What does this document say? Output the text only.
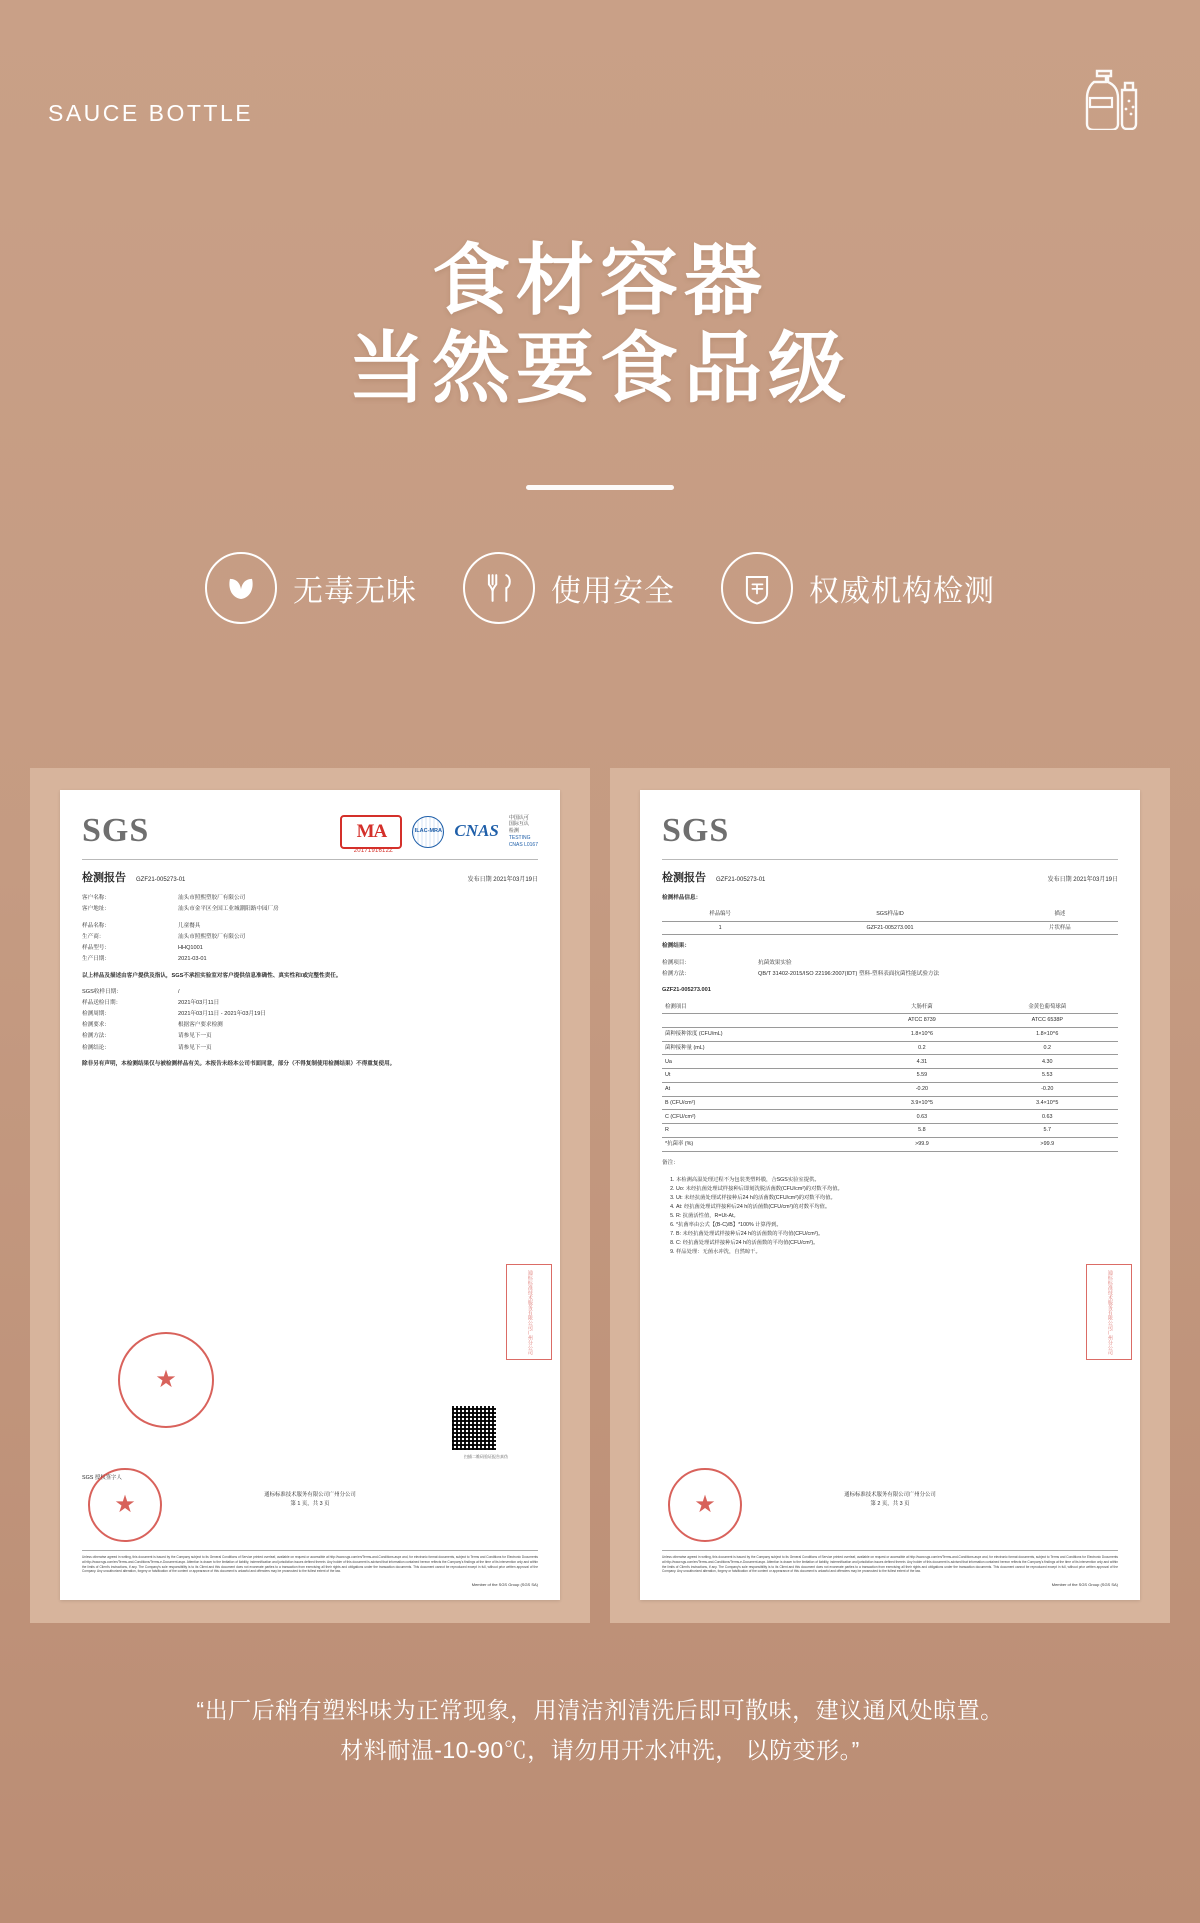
SAUCE BOTTLE
食材容器
当然要食品级
无毒无味	使用安全	权威机构检测
SGS	MA
2017191612Z
ILAC-MRA CNAS
中国认可
国际互认
检测
TESTING
CNAS L0167
检测报告 GZF21-005273-01	发布日期 2021年03月19日
客户名称：	汕头市照熙塑胶厂有限公司
客户地址：	汕头市金平区全国工业城潮阳路中园厂房
样品名称：	儿童餐具
生产商：	汕头市照熙塑胶厂有限公司
样品型号：	HHQ1001
生产日期：	2021-03-01
以上样品及描述由客户提供及指认，SGS不承担实验室对客户提供信息准确性、真实性和/或完整性责任。
SGS收样日期：	/
样品送检日期：	2021年03月11日
检测周期：	2021年03月11日 - 2021年03月19日
检测要求：	根据客户要求检测
检测方法：	请参见下一页
检测结论：	请参见下一页
除非另有声明，本检测结果仅与被检测样品有关。本报告未经本公司书面同意，部分（不得复制使用检测结果）不得重复使用。
通标标准技术服务有限公司广州分公司
★
扫描二维码验证报告真伪
SGS 授权签字人
★	通标标准技术服务有限公司广州分公司
第 1 页，共 3 页
Unless otherwise agreed in writing, this document is issued by the Company subject to its General Conditions of Service printed overleaf, available on request or accessible at http://www.sgs.com/en/Terms-and-Conditions.aspx and, for electronic format documents, subject to Terms and Conditions for Electronic Documents at http://www.sgs.com/en/Terms-and-Conditions/Terms-e-Document.aspx. Attention is drawn to the limitation of liability, indemnification and jurisdiction issues defined therein. Any holder of this document is advised that information contained hereon reflects the Company's findings at the time of its intervention only and within the limits of Client's instructions, if any. The Company's sole responsibility is to its Client and this document does not exonerate parties to a transaction from exercising all their rights and obligations under the transaction documents. This document cannot be reproduced except in full, without prior written approval of the Company. Any unauthorized alteration, forgery or falsification of the content or appearance of this document is unlawful and offenders may be prosecuted to the fullest extent of the law.
Member of the SGS Group (SGS SA)
SGS
检测报告 GZF21-005273-01	发布日期 2021年03月19日
检测样品信息：
样品编号	SGS样品ID	描述
1	GZF21-005273.001	片状样品
检测结果：
检测项目：	抗菌效果实验
检测方法：	QB/T 31402-2015/ISO 22196:2007(IDT) 塑料-塑料表面抗菌性能试验方法
GZF21-005273.001
检测项目	大肠杆菌	金黄色葡萄球菌
	ATCC 8739	ATCC 6538P
菌种接种浓度 (CFU/mL)	1.8×10^6	1.8×10^6
菌种接种量 (mL)	0.2	0.2
Ua	4.31	4.30
Ut	5.59	5.53
At	-0.20	-0.20
B (CFU/cm²)	3.9×10^5	3.4×10^5
C (CFU/cm²)	0.63	0.63
R	5.8	5.7
*抗菌率 (%)	>99.9	>99.9
备注：
1. 本检测高温处理过程不为包装类塑料膜，合SGS实验室提供。
2. Uo: 未经抗菌处理试样接种后即刻洗脱活菌数(CFU/cm²)的对数平均值。
3. Ut: 未经抗菌处理试样接种后24 h的活菌数(CFU/cm²)的对数平均值。
4. At: 经抗菌处理试样接种后24 h的活菌数(CFU/cm²)的对数平均值。
5. R: 抗菌活性值，R=Ut-At。
6. *抗菌率由公式【(B-C)/B】*100% 计算得到。
7. B: 未经抗菌处理试样接种后24 h的活菌数的平均值(CFU/cm²)。
8. C: 经抗菌处理试样接种后24 h的活菌数的平均值(CFU/cm²)。
9. 样品处理：无菌水冲洗，自然晾干。
通标标准技术服务有限公司广州分公司
★	通标标准技术服务有限公司广州分公司
第 2 页，共 3 页
Unless otherwise agreed in writing, this document is issued by the Company subject to its General Conditions of Service printed overleaf, available on request or accessible at http://www.sgs.com/en/Terms-and-Conditions.aspx and, for electronic format documents, subject to Terms and Conditions for Electronic Documents at http://www.sgs.com/en/Terms-and-Conditions/Terms-e-Document.aspx. Attention is drawn to the limitation of liability, indemnification and jurisdiction issues defined therein. Any holder of this document is advised that information contained hereon reflects the Company's findings at the time of its intervention only and within the limits of Client's instructions, if any. The Company's sole responsibility is to its Client and this document does not exonerate parties to a transaction from exercising all their rights and obligations under the transaction documents. This document cannot be reproduced except in full, without prior written approval of the Company. Any unauthorized alteration, forgery or falsification of the content or appearance of this document is unlawful and offenders may be prosecuted to the fullest extent of the law.
Member of the SGS Group (SGS SA)
“出厂后稍有塑料味为正常现象，用清洁剂清洗后即可散味，建议通风处晾置。
材料耐温-10-90℃，请勿用开水冲洗， 以防变形。”
